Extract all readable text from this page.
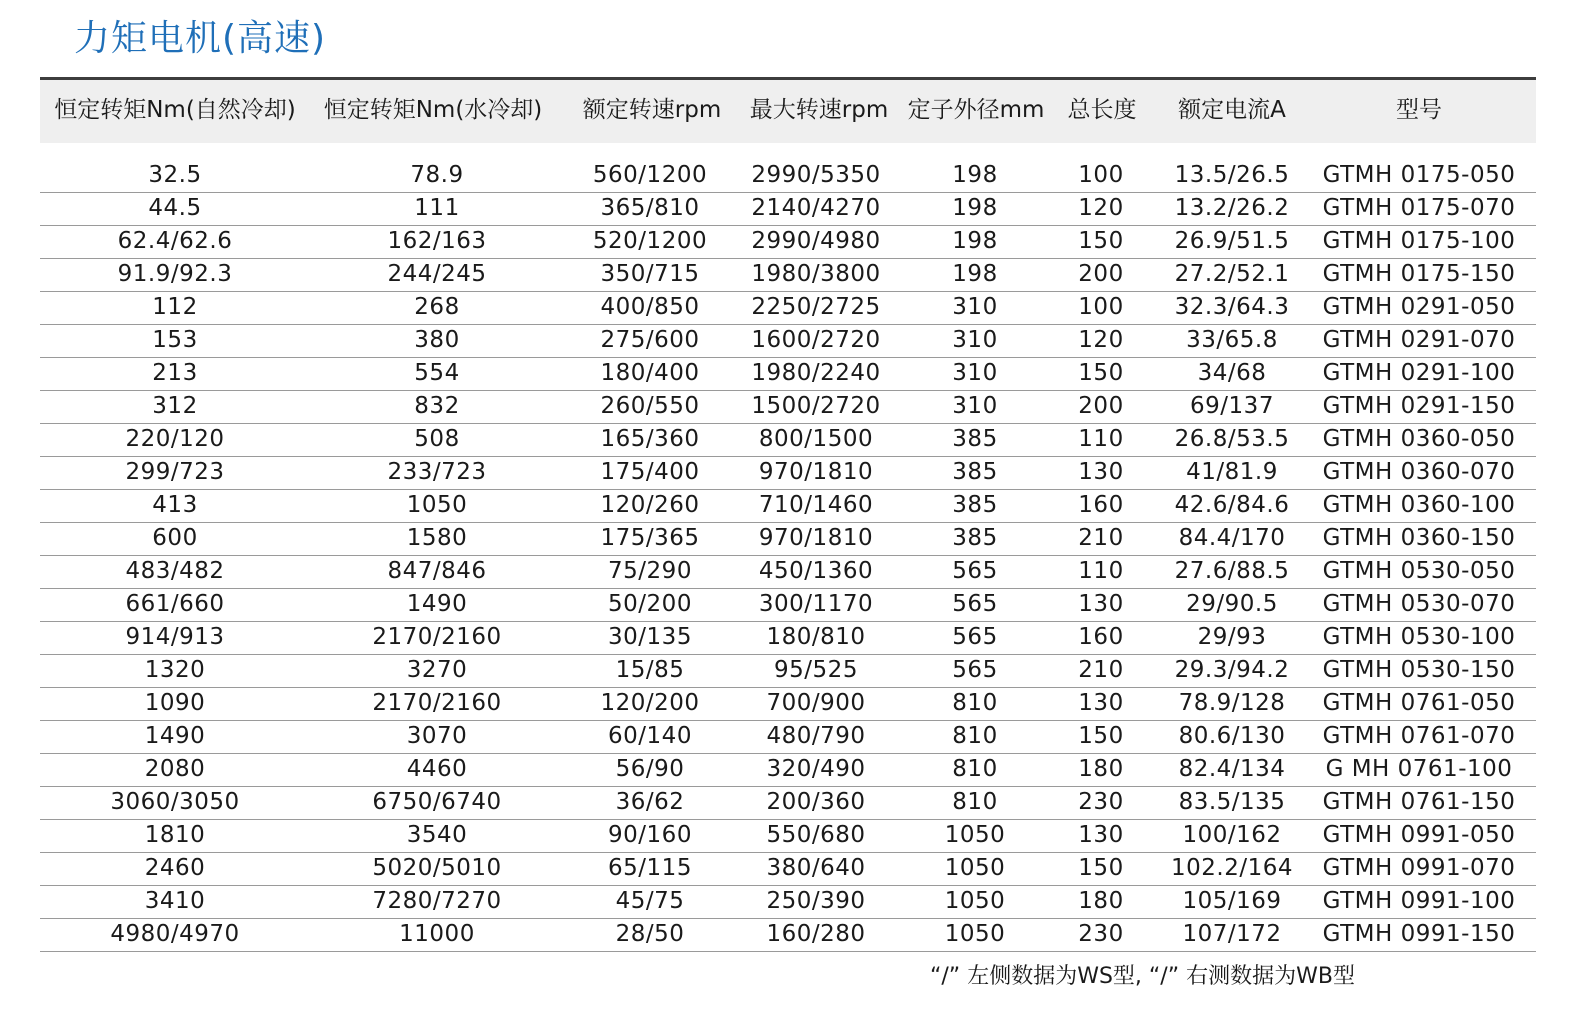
力矩电机(高速)
恒定转矩Nm(自然冷却)	恒定转矩Nm(水冷却)	额定转速rpm	最大转速rpm 定子外径mm	总长度	额定电流A	型号
32.5	78.9	560/1200	2990/5350	198	100	13.5/26.5	GTMH 0175-050
44.5	111	365/810	2140/4270	198	120	13.2/26.2	GTMH 0175-070
62.4/62.6	162/163	520/1200	2990/4980	198	150	26.9/51.5	GTMH 0175-100
91.9/92.3	244/245	350/715	1980/3800	198	200	27.2/52.1	GTMH 0175-150
112	268	400/850	2250/2725	310	100	32.3/64.3	GTMH 0291-050
153	380	275/600	1600/2720	310	120	33/65.8	GTMH 0291-070
213	554	180/400	1980/2240	310	150	34/68	GTMH 0291-100
312	832	260/550	1500/2720	310	200	69/137	GTMH 0291-150
220/120	508	165/360	800/1500	385	110	26.8/53.5	GTMH 0360-050
299/723	233/723	175/400	970/1810	385	130	41/81.9	GTMH 0360-070
413	1050	120/260	710/1460	385	160	42.6/84.6	GTMH 0360-100
600	1580	175/365	970/1810	385	210	84.4/170	GTMH 0360-150
483/482	847/846	75/290	450/1360	565	110	27.6/88.5	GTMH 0530-050
661/660	1490	50/200	300/1170	565	130	29/90.5	GTMH 0530-070
914/913	2170/2160	30/135	180/810	565	160	29/93	GTMH 0530-100
1320	3270	15/85	95/525	565	210	29.3/94.2	GTMH 0530-150
1090	2170/2160	120/200	700/900	810	130	78.9/128	GTMH 0761-050
1490	3070	60/140	480/790	810	150	80.6/130	GTMH 0761-070
2080	4460	56/90	320/490	810	180	82.4/134	G MH 0761-100
3060/3050	6750/6740	36/62	200/360	810	230	83.5/135	GTMH 0761-150
1810	3540	90/160	550/680	1050	130	100/162	GTMH 0991-050
2460	5020/5010	65/115	380/640	1050	150	102.2/164	GTMH 0991-070
3410	7280/7270	45/75	250/390	1050	180	105/169	GTMH 0991-100
4980/4970	11000	28/50	160/280	1050	230	107/172	GTMH 0991-150
“/” 左侧数据为WS型, “/” 右测数据为WB型
